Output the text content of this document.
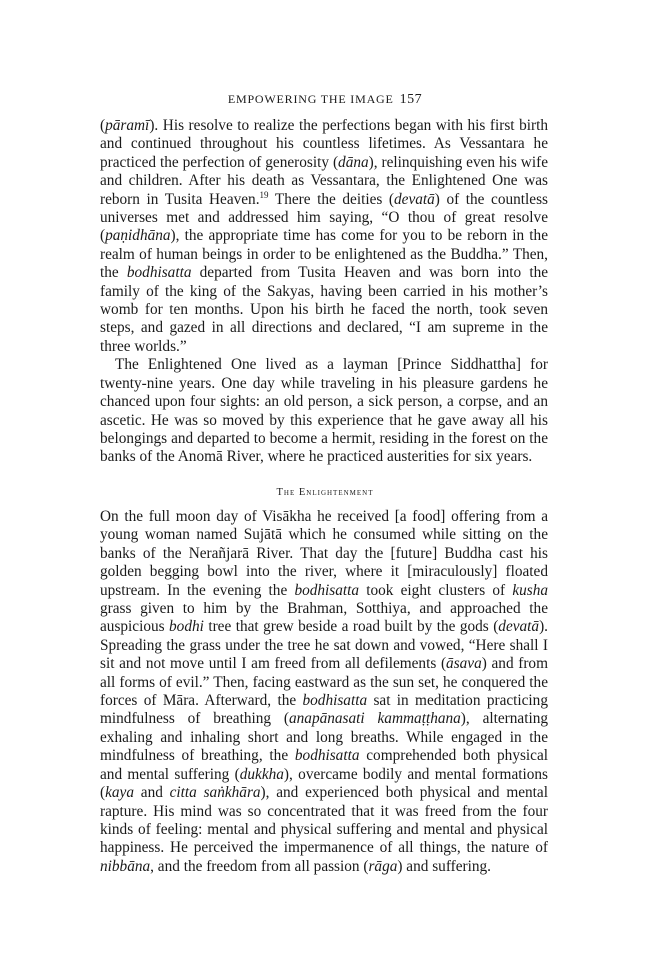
EMPOWERING THE IMAGE 157

(pāramī). His resolve to realize the perfections began with his first birth and continued throughout his countless lifetimes. As Vessantara he practiced the perfection of generosity (dāna), relinquishing even his wife and children. After his death as Vessantara, the Enlightened One was reborn in Tusita Heaven.$^{19}$ There the deities (devatā) of the countless universes met and addressed him saying, “O thou of great resolve (paṇidhāna), the appropriate time has come for you to be reborn in the realm of human beings in order to be enlightened as the Buddha.” Then, the bodhisatta departed from Tusita Heaven and was born into the family of the king of the Sakyas, having been carried in his mother’s womb for ten months. Upon his birth he faced the north, took seven steps, and gazed in all directions and declared, “I am supreme in the three worlds.”

The Enlightened One lived as a layman [Prince Siddhattha] for twenty-nine years. One day while traveling in his pleasure gardens he chanced upon four sights: an old person, a sick person, a corpse, and an ascetic. He was so moved by this experience that he gave away all his belongings and departed to become a hermit, residing in the forest on the banks of the Anomā River, where he practiced austerities for six years.

The Enlightenment

On the full moon day of Visākha he received [a food] offering from a young woman named Sujātā which he consumed while sitting on the banks of the Nerañjarā River. That day the [future] Buddha cast his golden begging bowl into the river, where it [miraculously] floated upstream. In the evening the bodhisatta took eight clusters of kusha grass given to him by the Brahman, Sotthiya, and approached the auspicious bodhi tree that grew beside a road built by the gods (devatā). Spreading the grass under the tree he sat down and vowed, “Here shall I sit and not move until I am freed from all defilements (āsava) and from all forms of evil.” Then, facing eastward as the sun set, he conquered the forces of Māra. Afterward, the bodhisatta sat in meditation practicing mindfulness of breathing (anapānasati kammaṭṭhana), alternating exhaling and inhaling short and long breaths. While engaged in the mindfulness of breathing, the bodhisatta comprehended both physical and mental suffering (dukkha), overcame bodily and mental formations (kaya and citta saṅkhāra), and experienced both physical and mental rapture. His mind was so concentrated that it was freed from the four kinds of feeling: mental and physical suffering and mental and physical happiness. He perceived the impermanence of all things, the nature of nibbāna, and the freedom from all passion (rāga) and suffering.
